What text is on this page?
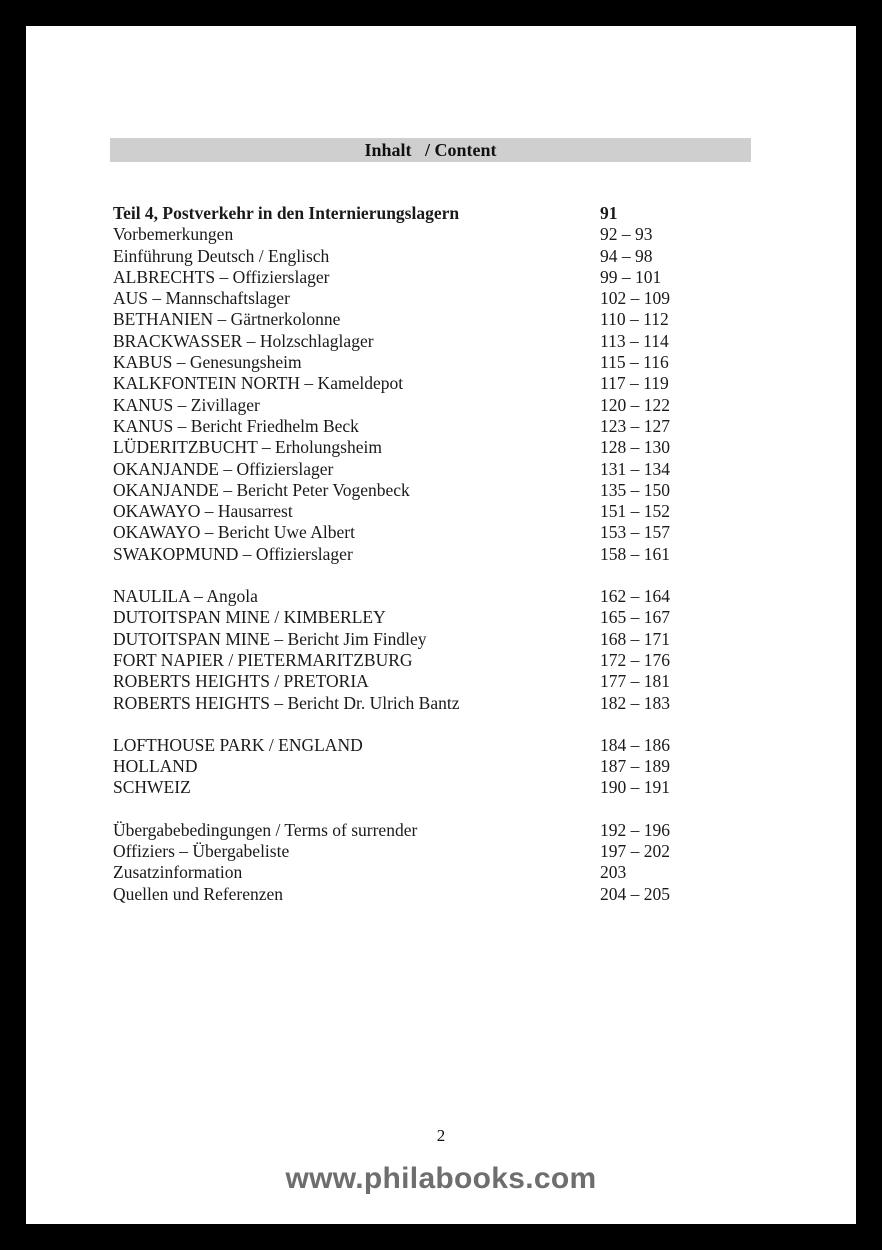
Inhalt   / Content
Teil 4, Postverkehr in den Internierungslagern	91
Vorbemerkungen	92 – 93
Einführung Deutsch / Englisch	94 – 98
ALBRECHTS – Offizierslager	99 – 101
AUS – Mannschaftslager	102 – 109
BETHANIEN – Gärtnerkolonne	110 – 112
BRACKWASSER – Holzschlaglager	113 – 114
KABUS – Genesungsheim	115 – 116
KALKFONTEIN NORTH – Kameldepot	117 – 119
KANUS – Zivillager	120 – 122
KANUS – Bericht Friedhelm Beck	123 – 127
LÜDERITZBUCHT – Erholungsheim	128 – 130
OKANJANDE – Offizierslager	131 – 134
OKANJANDE – Bericht Peter Vogenbeck	135 – 150
OKAWAYO – Hausarrest	151 – 152
OKAWAYO – Bericht Uwe Albert	153 – 157
SWAKOPMUND – Offizierslager	158 – 161
NAULILA – Angola	162 – 164
DUTOITSPAN MINE / KIMBERLEY	165 – 167
DUTOITSPAN MINE – Bericht Jim Findley	168 – 171
FORT NAPIER / PIETERMARITZBURG	172 – 176
ROBERTS HEIGHTS / PRETORIA	177 – 181
ROBERTS HEIGHTS – Bericht Dr. Ulrich Bantz	182 – 183
LOFTHOUSE PARK / ENGLAND	184 – 186
HOLLAND	187 – 189
SCHWEIZ	190 – 191
Übergabebedingungen / Terms of surrender	192 – 196
Offiziers – Übergabeliste	197 – 202
Zusatzinformation	203
Quellen und Referenzen	204 – 205
2
www.philabooks.com
